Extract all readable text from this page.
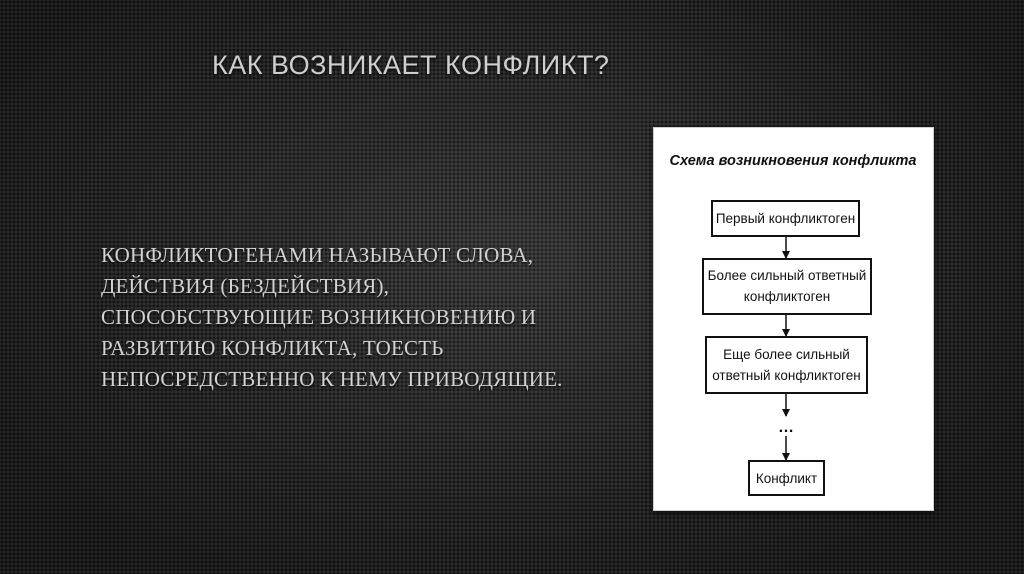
КАК ВОЗНИКАЕТ КОНФЛИКТ?

КОНФЛИКТОГЕНАМИ НАЗЫВАЮТ СЛОВА, ДЕЙСТВИЯ (БЕЗДЕЙСТВИЯ), СПОСОБСТВУЮЩИЕ ВОЗНИКНОВЕНИЮ И РАЗВИТИЮ КОНФЛИКТА, ТОЕСТЬ НЕПОСРЕДСТВЕННО К НЕМУ ПРИВОДЯЩИЕ.

Схема возникновения конфликта
Первый конфликтоген
Более сильный ответный
конфликтоген
Еще более сильный
ответный конфликтоген
Конфликт
…
